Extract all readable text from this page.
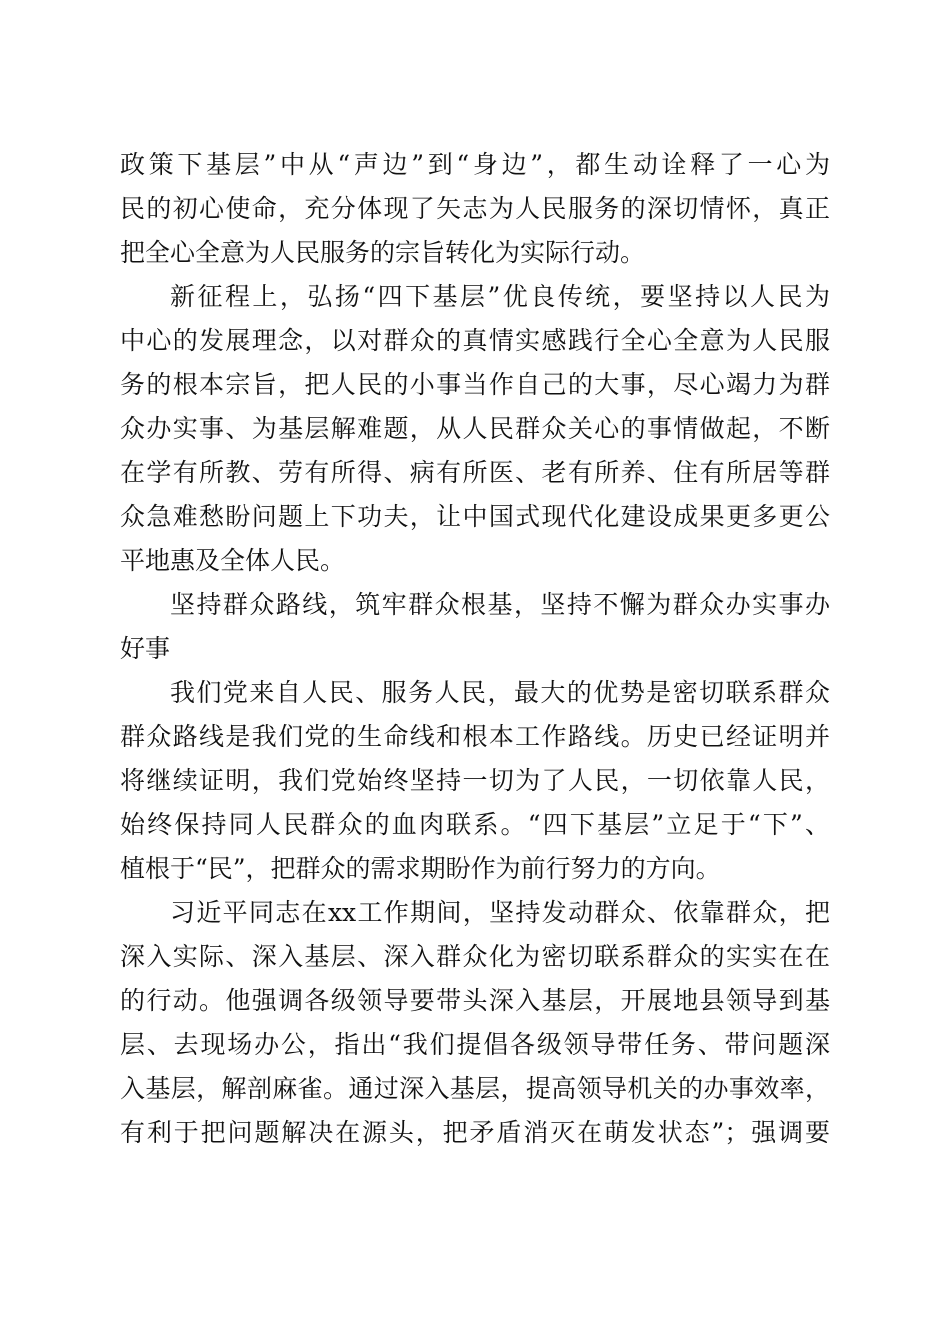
政策下基层”中从“声边”到“身边”，都生动诠释了一心为
民的初心使命，充分体现了矢志为人民服务的深切情怀，真正
把全心全意为人民服务的宗旨转化为实际行动。
新征程上，弘扬“四下基层”优良传统，要坚持以人民为
中心的发展理念，以对群众的真情实感践行全心全意为人民服
务的根本宗旨，把人民的小事当作自己的大事，尽心竭力为群
众办实事、为基层解难题，从人民群众关心的事情做起，不断
在学有所教、劳有所得、病有所医、老有所养、住有所居等群
众急难愁盼问题上下功夫，让中国式现代化建设成果更多更公
平地惠及全体人民。
坚持群众路线，筑牢群众根基，坚持不懈为群众办实事办
好事
我们党来自人民、服务人民，最大的优势是密切联系群众
群众路线是我们党的生命线和根本工作路线。历史已经证明并
将继续证明，我们党始终坚持一切为了人民，一切依靠人民，
始终保持同人民群众的血肉联系。“四下基层”立足于“下”、
植根于“民”，把群众的需求期盼作为前行努力的方向。
习近平同志在xx工作期间，坚持发动群众、依靠群众，把
深入实际、深入基层、深入群众化为密切联系群众的实实在在
的行动。他强调各级领导要带头深入基层，开展地县领导到基
层、去现场办公，指出“我们提倡各级领导带任务、带问题深
入基层，解剖麻雀。通过深入基层，提高领导机关的办事效率，
有利于把问题解决在源头，把矛盾消灭在萌发状态”；强调要
